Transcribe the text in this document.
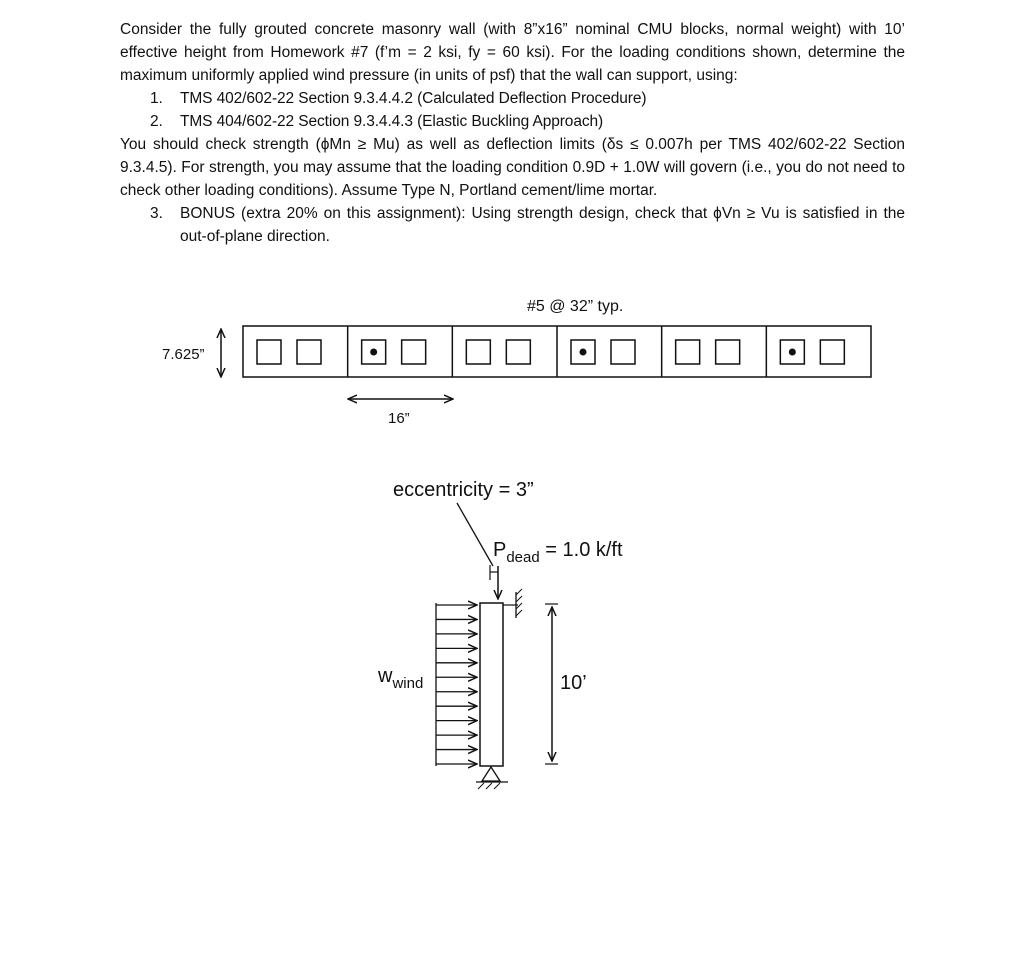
Consider the fully grouted concrete masonry wall (with 8”x16” nominal CMU blocks, normal weight) with 10’ effective height from Homework #7 (f’m = 2 ksi, fy = 60 ksi). For the loading conditions shown, determine the maximum uniformly applied wind pressure (in units of psf) that the wall can support, using:

1. TMS 402/602-22 Section 9.3.4.4.2 (Calculated Deflection Procedure)
2. TMS 404/602-22 Section 9.3.4.4.3 (Elastic Buckling Approach)

You should check strength (ϕMn ≥ Mu) as well as deflection limits (δs ≤ 0.007h per TMS 402/602-22 Section 9.3.4.5). For strength, you may assume that the loading condition 0.9D + 1.0W will govern (i.e., you do not need to check other loading conditions). Assume Type N, Portland cement/lime mortar.

3. BONUS (extra 20% on this assignment): Using strength design, check that ϕVn ≥ Vu is satisfied in the out-of-plane direction.
#5 @ 32” typ.
7.625”
16”
eccentricity = 3”
$P_{dead} = 1.0$ k/ft
$w_{wind}$	10’
